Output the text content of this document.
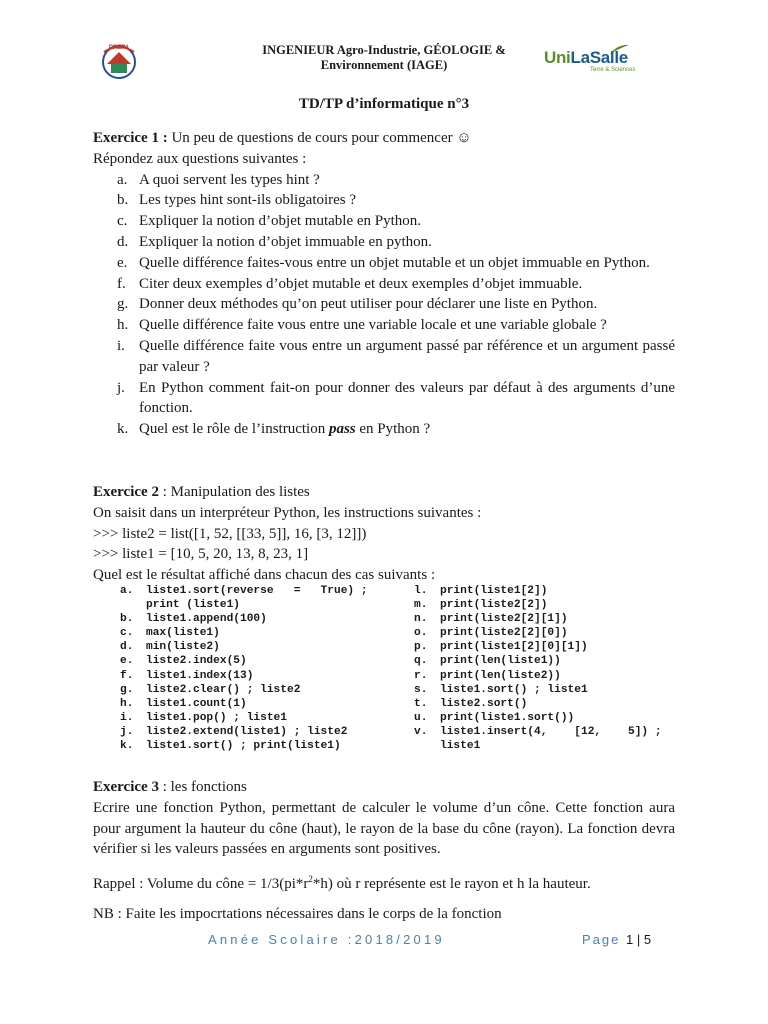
PREPA	INGENIEUR Agro-Industrie, GÉOLOGIE &
Environnement (IAGE)	UniLaSalle
Terre & Sciences
TD/TP d’informatique n°3
Exercice 1 : Un peu de questions de cours pour commencer ☺
Répondez aux questions suivantes :
a. A quoi servent les types hint ?
b. Les types hint sont-ils obligatoires ?
c. Expliquer la notion d’objet mutable en Python.
d. Expliquer la notion d’objet immuable en python.
e. Quelle différence faites-vous entre un objet mutable et un objet immuable en Python.
f. Citer deux exemples d’objet mutable et deux exemples d’objet immuable.
g. Donner deux méthodes qu’on peut utiliser pour déclarer une liste en Python.
h. Quelle différence faite vous entre une variable locale et une variable globale ?
i. Quelle différence faite vous entre un argument passé par référence et un argument passé par valeur ?
j. En Python comment fait-on pour donner des valeurs par défaut à des arguments d’une fonction.
k. Quel est le rôle de l’instruction pass en Python ?
Exercice 2 : Manipulation des listes
On saisit dans un interpréteur Python, les instructions suivantes :
>>> liste2 = list([1, 52, [[33, 5]], 16, [3, 12]])
>>> liste1 = [10, 5, 20, 13, 8, 23, 1]
Quel est le résultat affiché dans chacun des cas suivants :
a. liste1.sort(reverse   =   True) ;
print (liste1)
b. liste1.append(100)
c. max(liste1)
d. min(liste2)
e. liste2.index(5)
f. liste1.index(13)
g. liste2.clear() ; liste2
h. liste1.count(1)
i. liste1.pop() ; liste1
j. liste2.extend(liste1) ; liste2
k. liste1.sort() ; print(liste1)
l. print(liste1[2])
m. print(liste2[2])
n. print(liste2[2][1])
o. print(liste2[2][0])
p. print(liste1[2][0][1])
q. print(len(liste1))
r. print(len(liste2))
s. liste1.sort() ; liste1
t. liste2.sort()
u. print(liste1.sort())
v. liste1.insert(4,    [12,    5]) ;
liste1
Exercice 3 : les fonctions
Ecrire une fonction Python, permettant de calculer le volume d’un cône. Cette fonction aura pour argument la hauteur du cône (haut), le rayon de la base du cône (rayon). La fonction devra vérifier si les valeurs passées en arguments sont positives.
Rappel : Volume du cône = $1/3(pi*r^2*h)$ où r représente est le rayon et h la hauteur.
NB : Faite les impocrtations nécessaires dans le corps de la fonction
Année Scolaire :2018/2019	Page 1 | 5
